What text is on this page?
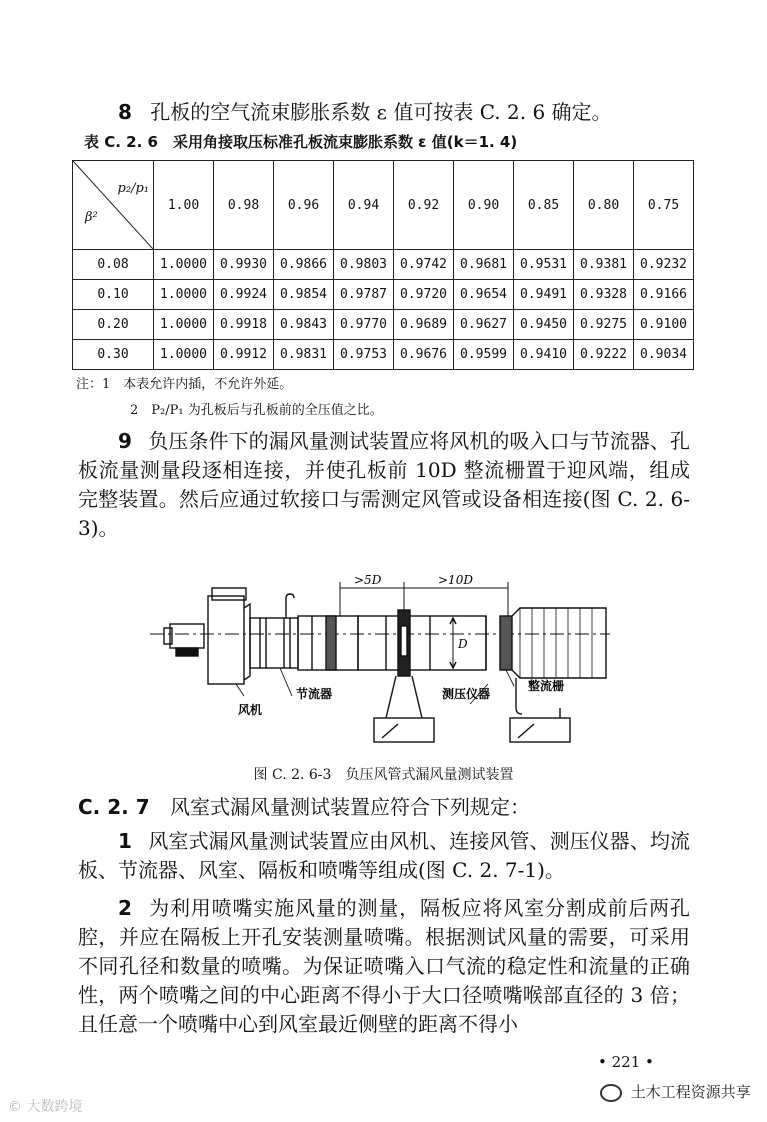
8 孔板的空气流束膨胀系数 ε 值可按表 C. 2. 6 确定。
表 C. 2. 6　采用角接取压标准孔板流束膨胀系数 ε 值(k＝1. 4)
p₂/p₁
β²	1.00	0.98	0.96	0.94	0.92	0.90	0.85	0.80	0.75
0.08	1.0000	0.9930	0.9866	0.9803	0.9742	0.9681	0.9531	0.9381	0.9232
0.10	1.0000	0.9924	0.9854	0.9787	0.9720	0.9654	0.9491	0.9328	0.9166
0.20	1.0000	0.9918	0.9843	0.9770	0.9689	0.9627	0.9450	0.9275	0.9100
0.30	1.0000	0.9912	0.9831	0.9753	0.9676	0.9599	0.9410	0.9222	0.9034
注：1　本表允许内插，不允许外延。
2　P₂/P₁ 为孔板后与孔板前的全压值之比。
9 负压条件下的漏风量测试装置应将风机的吸入口与节流器、孔板流量测量段逐相连接，并使孔板前 10D 整流栅置于迎风端，组成完整装置。然后应通过软接口与需测定风管或设备相连接(图 C. 2. 6-3)。
>5D	>10D
D
风机
节流器	测压仪器
整流栅
图 C. 2. 6-3　负压风管式漏风量测试装置
C. 2. 7 风室式漏风量测试装置应符合下列规定：
1 风室式漏风量测试装置应由风机、连接风管、测压仪器、均流板、节流器、风室、隔板和喷嘴等组成(图 C. 2. 7-1)。
2 为利用喷嘴实施风量的测量，隔板应将风室分割成前后两孔腔，并应在隔板上开孔安装测量喷嘴。根据测试风量的需要，可采用不同孔径和数量的喷嘴。为保证喷嘴入口气流的稳定性和流量的正确性，两个喷嘴之间的中心距离不得小于大口径喷嘴喉部直径的 3 倍；且任意一个喷嘴中心到风室最近侧壁的距离不得小
• 221 •
土木工程资源共享
© 大数跨境
